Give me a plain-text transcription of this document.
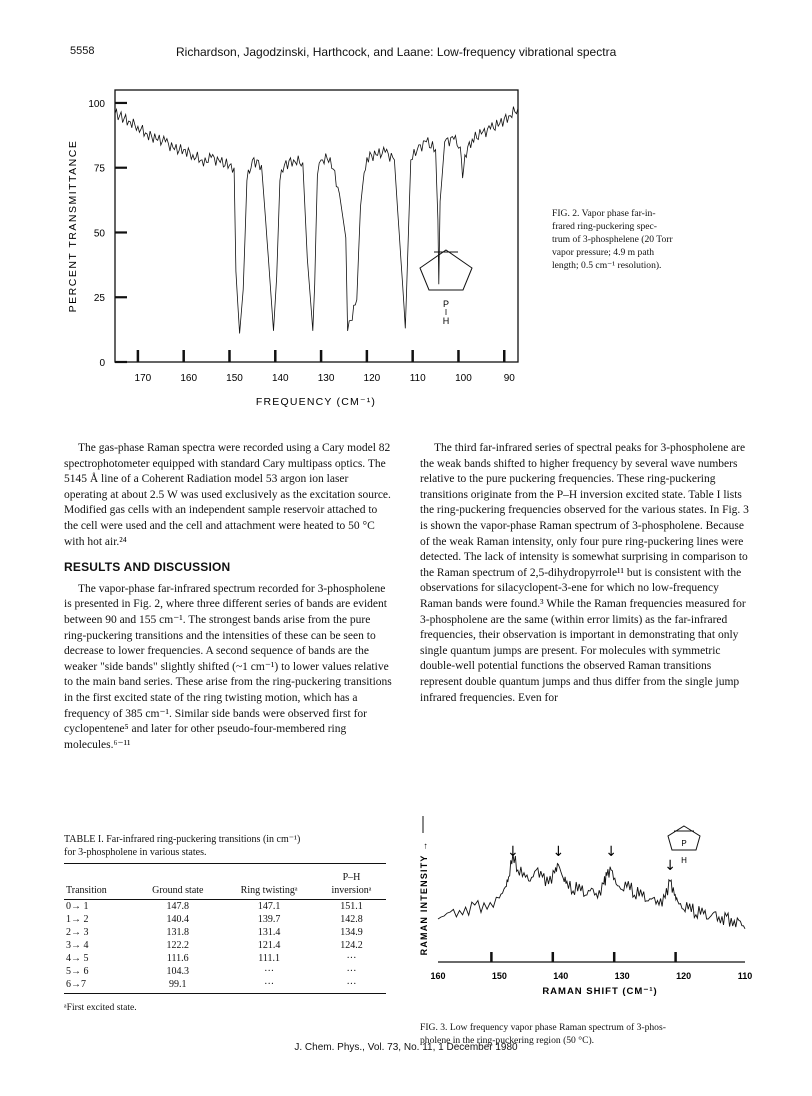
5558	Richardson, Jagodzinski, Harthcock, and Laane: Low-frequency vibrational spectra
0
25
50
75
100
170	160	150	140	130	120	110	100	90
P
H
FREQUENCY (CM⁻¹)
PERCENT TRANSMITTANCE	FIG. 2. Vapor phase far-in-
frared ring-puckering spec-
trum of 3-phosphelene (20 Torr
vapor pressure; 4.9 m path
length; 0.5 cm⁻¹ resolution).

The gas-phase Raman spectra were recorded using a Cary model 82 spectrophotometer equipped with standard Cary multipass optics. The 5145 Å line of a Coherent Radiation model 53 argon ion laser operating at about 2.5 W was used exclusively as the excitation source. Modified gas cells with an independent sample reservoir attached to the cell were used and the cell and attachment were heated to 50 °C with hot air.²⁴

RESULTS AND DISCUSSION

The vapor-phase far-infrared spectrum recorded for 3-phospholene is presented in Fig. 2, where three different series of bands are evident between 90 and 155 cm⁻¹. The strongest bands arise from the pure ring-puckering transitions and the intensities of these can be seen to decrease to lower frequencies. A second sequence of bands are the weaker "side bands" slightly shifted (~1 cm⁻¹) to lower values relative to the main band series. These arise from the ring-puckering transitions in the first excited state of the ring twisting motion, which has a frequency of 385 cm⁻¹. Similar side bands were observed first for cyclopentene⁵ and later for other pseudo-four-membered ring molecules.⁶⁻¹¹

The third far-infrared series of spectral peaks for 3-phospholene are the weak bands shifted to higher frequency by several wave numbers relative to the pure puckering frequencies. These ring-puckering transitions originate from the P–H inversion excited state. Table I lists the ring-puckering frequencies observed for the various states. In Fig. 3 is shown the vapor-phase Raman spectrum of 3-phospholene. Because of the weak Raman intensity, only four pure ring-puckering lines were detected. The lack of intensity is somewhat surprising in comparison to the Raman spectrum of 2,5-dihydropyrrole¹¹ but is consistent with the observations for silacyclopent-3-ene for which no low-frequency Raman bands were found.³ While the Raman frequencies measured for 3-phospholene are the same (within error limits) as the far-infrared frequencies, their observation is important in demonstrating that only single quantum jumps are present. For molecules with symmetric double-well potential functions the observed Raman transitions represent double quantum jumps and thus differ from the single jump infrared frequencies. Even for

TABLE I. Far-infrared ring-puckering transitions (in cm⁻¹)
for 3-phospholene in various states.
			P–H
Transition	Ground state	Ring twistingᵃ	inversionᵃ
0→ 1	147.8	147.1	151.1
1→ 2	140.4	139.7	142.8
2→ 3	131.8	131.4	134.9
3→ 4	122.2	121.4	124.2
4→ 5	111.6	111.1	···
5→ 6	104.3	···	···
6→7	99.1	···	···
ᵃFirst excited state.
160	150	140	130	120	110
↓ ↓	↓
↓
P
H
RAMAN SHIFT (CM⁻¹)
RAMAN INTENSITY →
FIG. 3. Low frequency vapor phase Raman spectrum of 3-phos-
pholene in the ring-puckering region (50 °C).
J. Chem. Phys., Vol. 73, No. 11, 1 December 1980
